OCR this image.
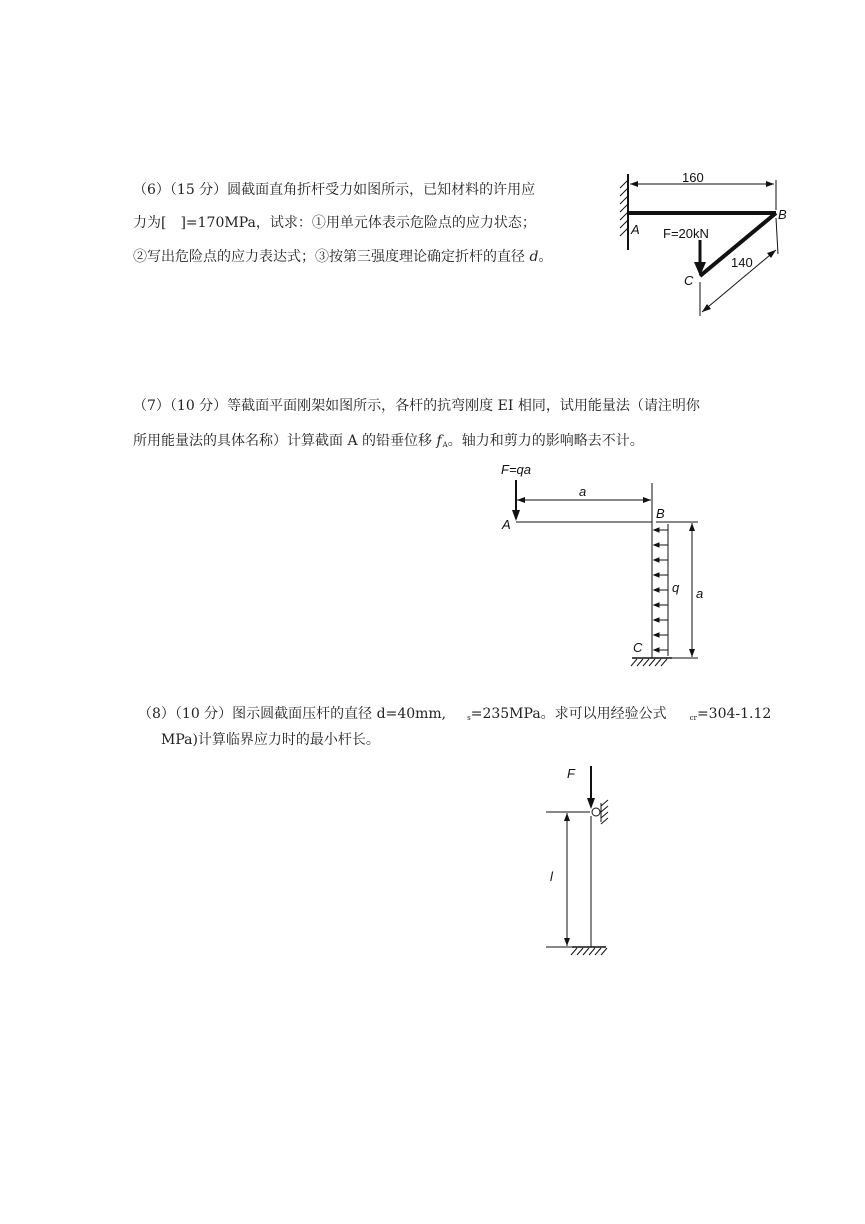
（6）（15 分）圆截面直角折杆受力如图所示，已知材料的许用应
力为[　]=170MPa，试求：①用单元体表示危险点的应力状态；
②写出危险点的应力表达式；③按第三强度理论确定折杆的直径 d。
160
140
F=20kN
A
B
C
（7）（10 分）等截面平面刚架如图所示，各杆的抗弯刚度 EI 相同，试用能量法（请注明你
所用能量法的具体名称）计算截面 A 的铅垂位移 $f_A$。轴力和剪力的影响略去不计。
F=qa
a
a
q
A
B
C
（8）（10 分）图示圆截面压杆的直径 d=40mm,	$_s$=235MPa。求可以用经验公式	$_{cr}$=304-1.12
MPa)计算临界应力时的最小杆长。
F
l
